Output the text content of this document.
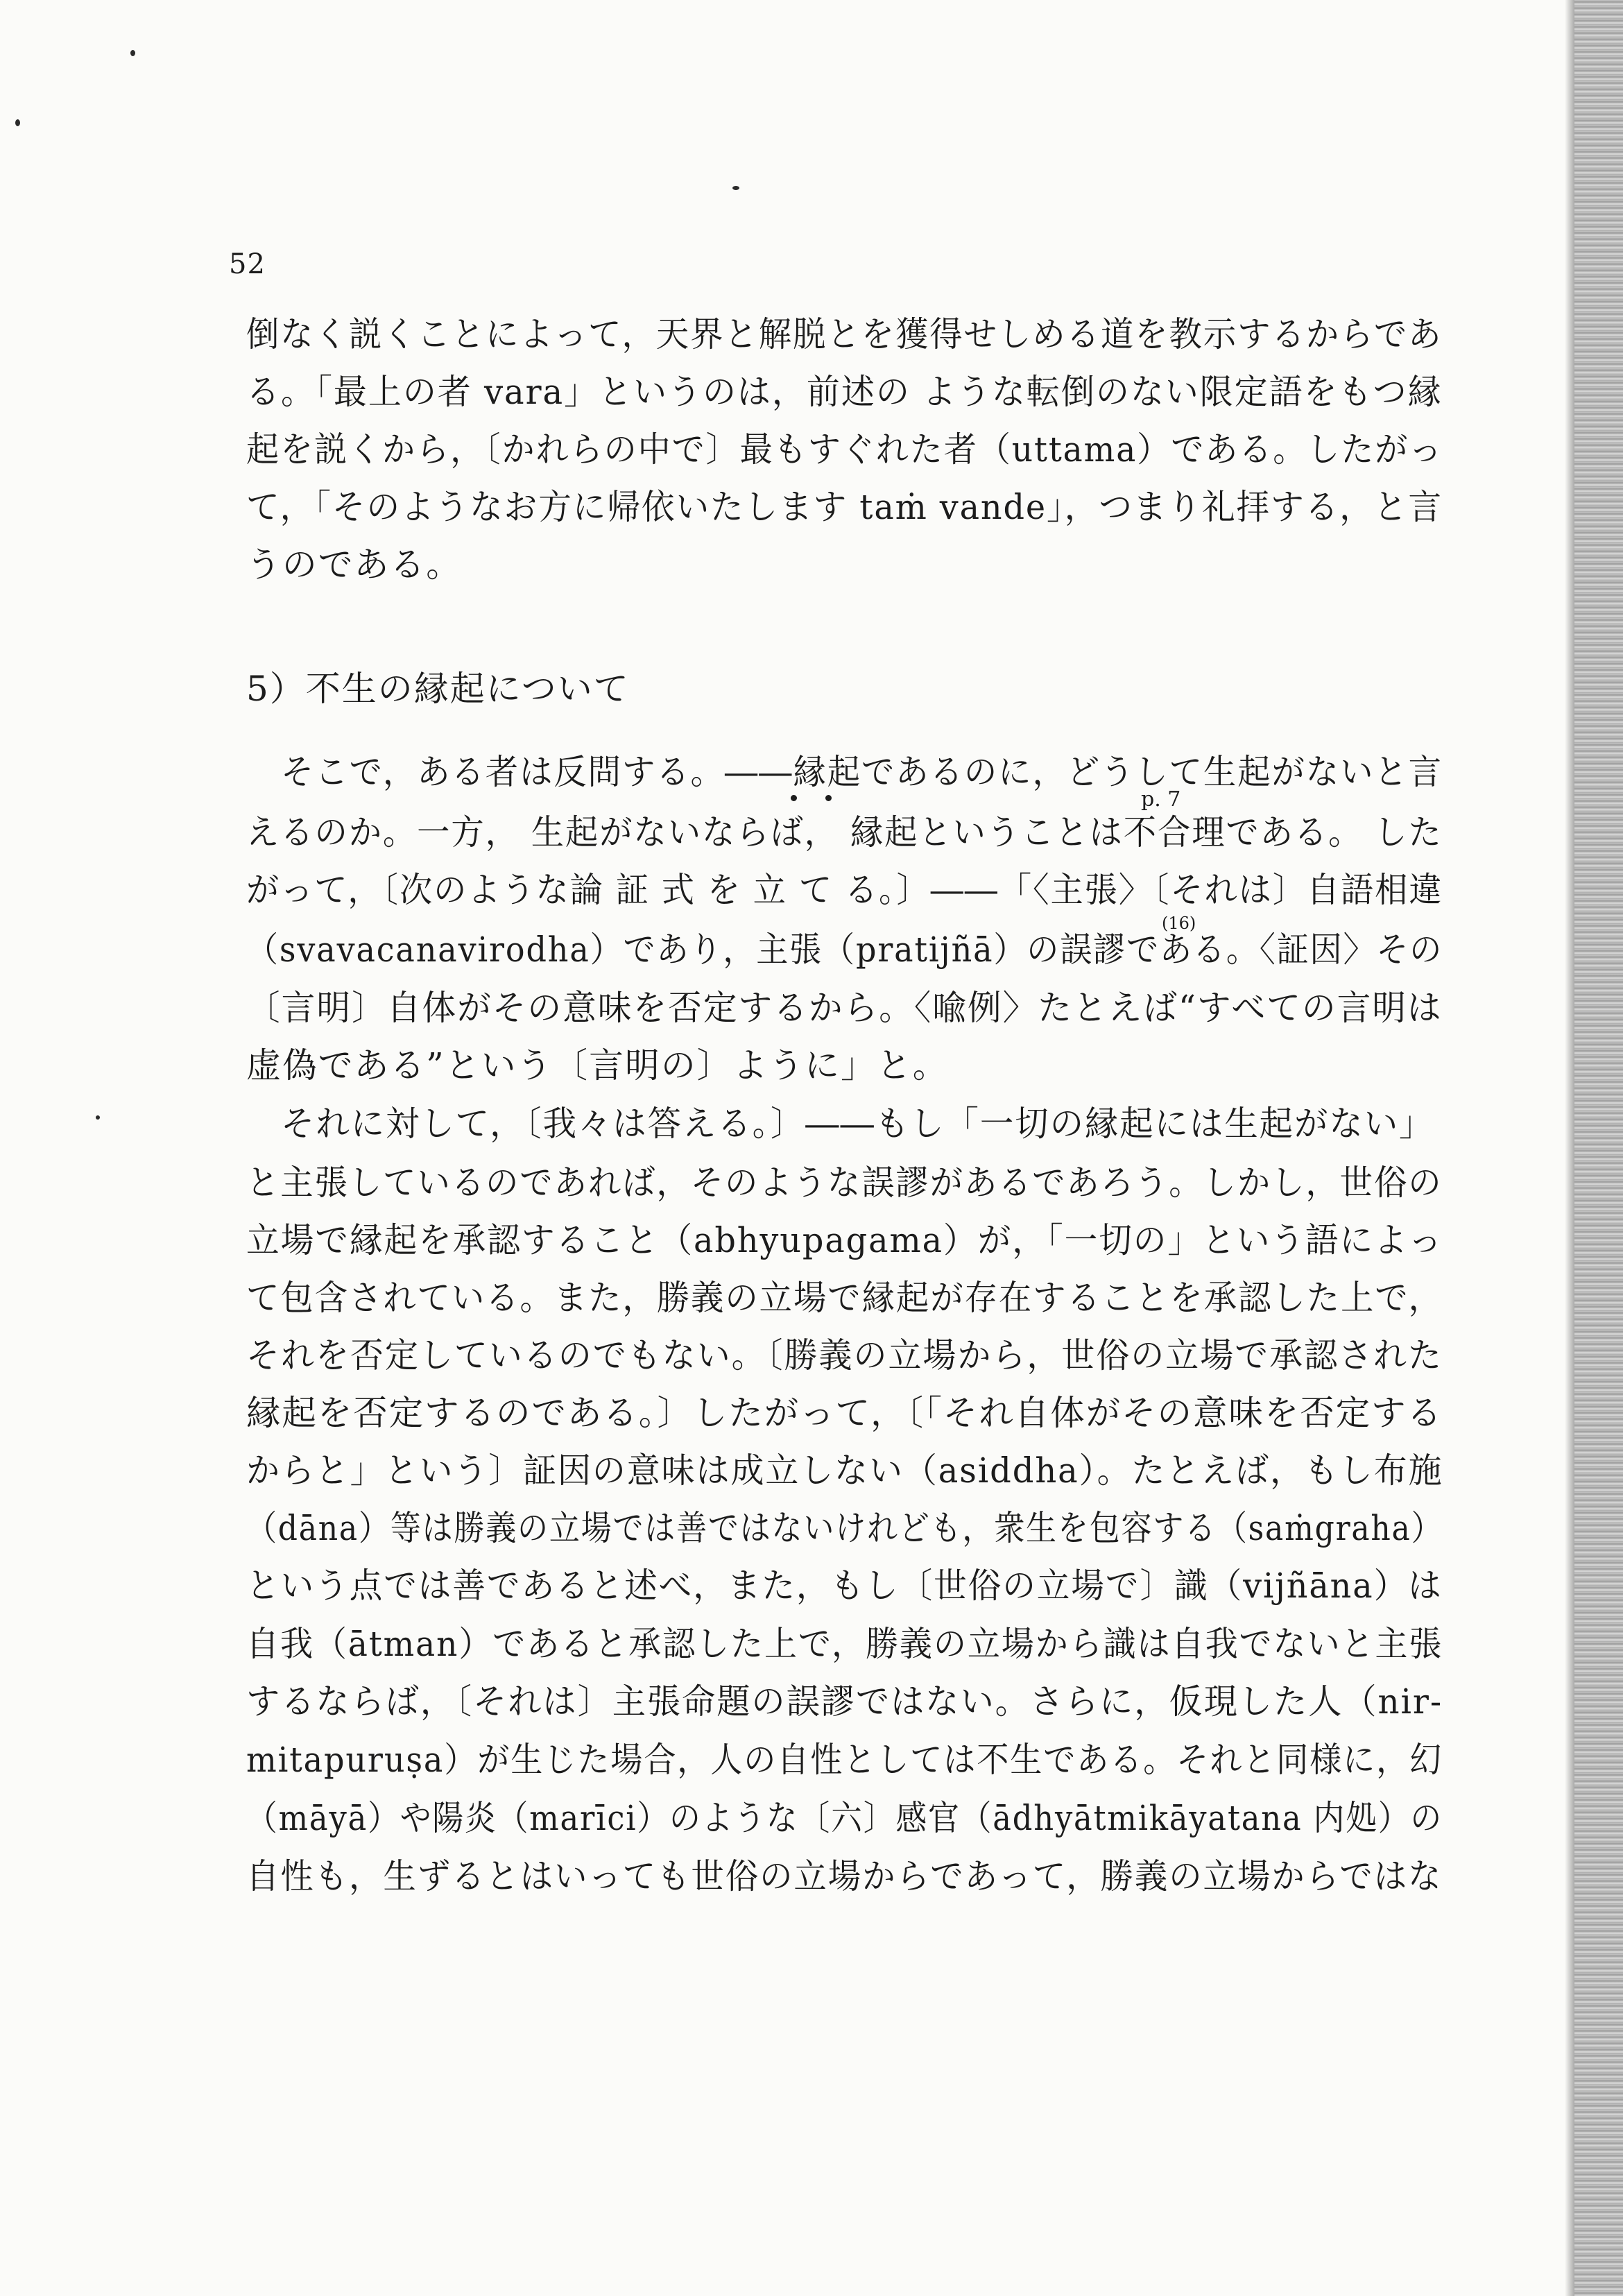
52
倒なく説くことによって，天界と解脱とを獲得せしめる道を教示するからであ
る。「最上の者 vara」というのは，前述の ような転倒のない限定語をもつ縁
起を説くから，〔かれらの中で〕最もすぐれた者（uttama）である。したがっ
て，「そのようなお方に帰依いたします taṁ vande」，つまり礼拝する，と言
うのである。
5）不生の縁起について
そこで，ある者は反問する。――縁起であるのに，どうして生起がないと言
p. 7
えるのか。一方， 生起がないならば， 縁起ということは不合理である。 した
がって，〔次のような論 証 式 を 立 て る。〕――「〈主張〉〔それは〕自語相違
(16)
（svavacanavirodha）であり，主張（pratijñā）の誤謬である。〈証因〉その
〔言明〕自体がその意味を否定するから。〈喩例〉たとえば“すべての言明は
虚偽である”という〔言明の〕ように」と。
それに対して，〔我々は答える。〕――もし「一切の縁起には生起がない」
と主張しているのであれば，そのような誤謬があるであろう。しかし，世俗の
立場で縁起を承認すること（abhyupagama）が，「一切の」という語によっ
て包含されている。また，勝義の立場で縁起が存在することを承認した上で，
それを否定しているのでもない。〔勝義の立場から，世俗の立場で承認された
縁起を否定するのである。〕したがって，〔「それ自体がその意味を否定する
からと」という〕証因の意味は成立しない（asiddha）。たとえば，もし布施
（dāna）等は勝義の立場では善ではないけれども，衆生を包容する（saṁgraha）
という点では善であると述べ，また，もし〔世俗の立場で〕識（vijñāna）は
自我（ātman）であると承認した上で，勝義の立場から識は自我でないと主張
するならば，〔それは〕主張命題の誤謬ではない。さらに，仮現した人（nir-
mitapuruṣa）が生じた場合，人の自性としては不生である。それと同様に，幻
（māyā）や陽炎（marīci）のような〔六〕感官（ādhyātmikāyatana 内処）の
自性も，生ずるとはいっても世俗の立場からであって，勝義の立場からではな
